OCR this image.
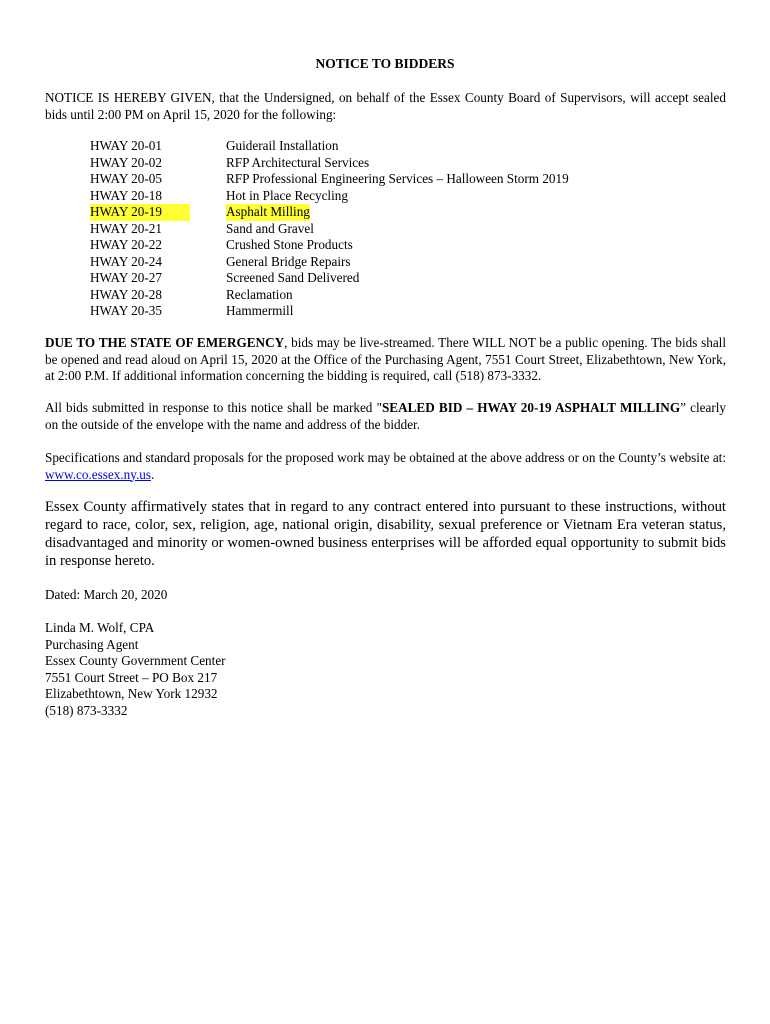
NOTICE TO BIDDERS

NOTICE IS HEREBY GIVEN, that the Undersigned, on behalf of the Essex County Board of Supervisors, will accept sealed bids until 2:00 PM on April 15, 2020 for the following:

HWAY 20-01	Guiderail Installation
HWAY 20-02	RFP Architectural Services
HWAY 20-05	RFP Professional Engineering Services – Halloween Storm 2019
HWAY 20-18	Hot in Place Recycling
HWAY 20-19	Asphalt Milling
HWAY 20-21	Sand and Gravel
HWAY 20-22	Crushed Stone Products
HWAY 20-24	General Bridge Repairs
HWAY 20-27	Screened Sand Delivered
HWAY 20-28	Reclamation
HWAY 20-35	Hammermill

DUE TO THE STATE OF EMERGENCY, bids may be live-streamed. There WILL NOT be a public opening. The bids shall be opened and read aloud on April 15, 2020 at the Office of the Purchasing Agent, 7551 Court Street, Elizabethtown, New York, at 2:00 P.M. If additional information concerning the bidding is required, call (518) 873-3332.

All bids submitted in response to this notice shall be marked "SEALED BID – HWAY 20-19 ASPHALT MILLING” clearly on the outside of the envelope with the name and address of the bidder.

Specifications and standard proposals for the proposed work may be obtained at the above address or on the County’s website at: www.co.essex.ny.us.

Essex County affirmatively states that in regard to any contract entered into pursuant to these instructions, without regard to race, color, sex, religion, age, national origin, disability, sexual preference or Vietnam Era veteran status, disadvantaged and minority or women-owned business enterprises will be afforded equal opportunity to submit bids in response hereto.

Dated: March 20, 2020

Linda M. Wolf, CPA
Purchasing Agent
Essex County Government Center
7551 Court Street – PO Box 217
Elizabethtown, New York 12932
(518) 873-3332
